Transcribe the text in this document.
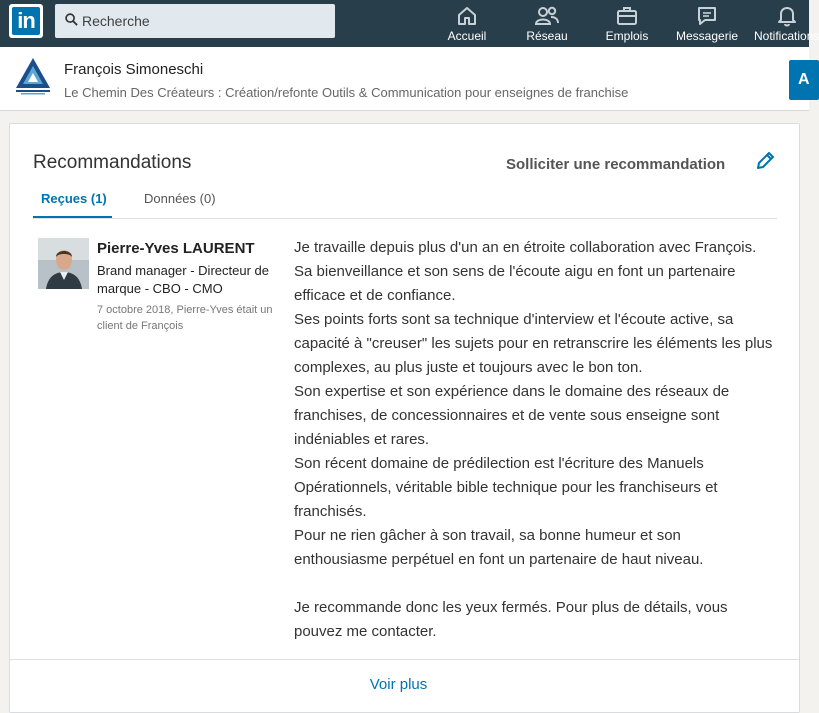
in
Recherche
Accueil	Réseau	Emplois Messagerie Notifications
François Simoneschi
Le Chemin Des Créateurs : Création/refonte Outils & Communication pour enseignes de franchise
A
Recommandations	Solliciter une recommandation
Reçues (1)	Données (0)
Pierre-Yves LAURENT
Brand manager - Directeur de marque - CBO - CMO
7 octobre 2018, Pierre-Yves était un client de François

Je travaille depuis plus d'un an en étroite collaboration avec François. Sa bienveillance et son sens de l'écoute aigu en font un partenaire efficace et de confiance.

Ses points forts sont sa technique d'interview et l'écoute active, sa capacité à "creuser" les sujets pour en retranscrire les éléments les plus complexes, au plus juste et toujours avec le bon ton.

Son expertise et son expérience dans le domaine des réseaux de franchises, de concessionnaires et de vente sous enseigne sont indéniables et rares.

Son récent domaine de prédilection est l'écriture des Manuels Opérationnels, véritable bible technique pour les franchiseurs et franchisés.

Pour ne rien gâcher à son travail, sa bonne humeur et son enthousiasme perpétuel en font un partenaire de haut niveau.

Je recommande donc les yeux fermés. Pour plus de détails, vous pouvez me contacter.

Voir plus
